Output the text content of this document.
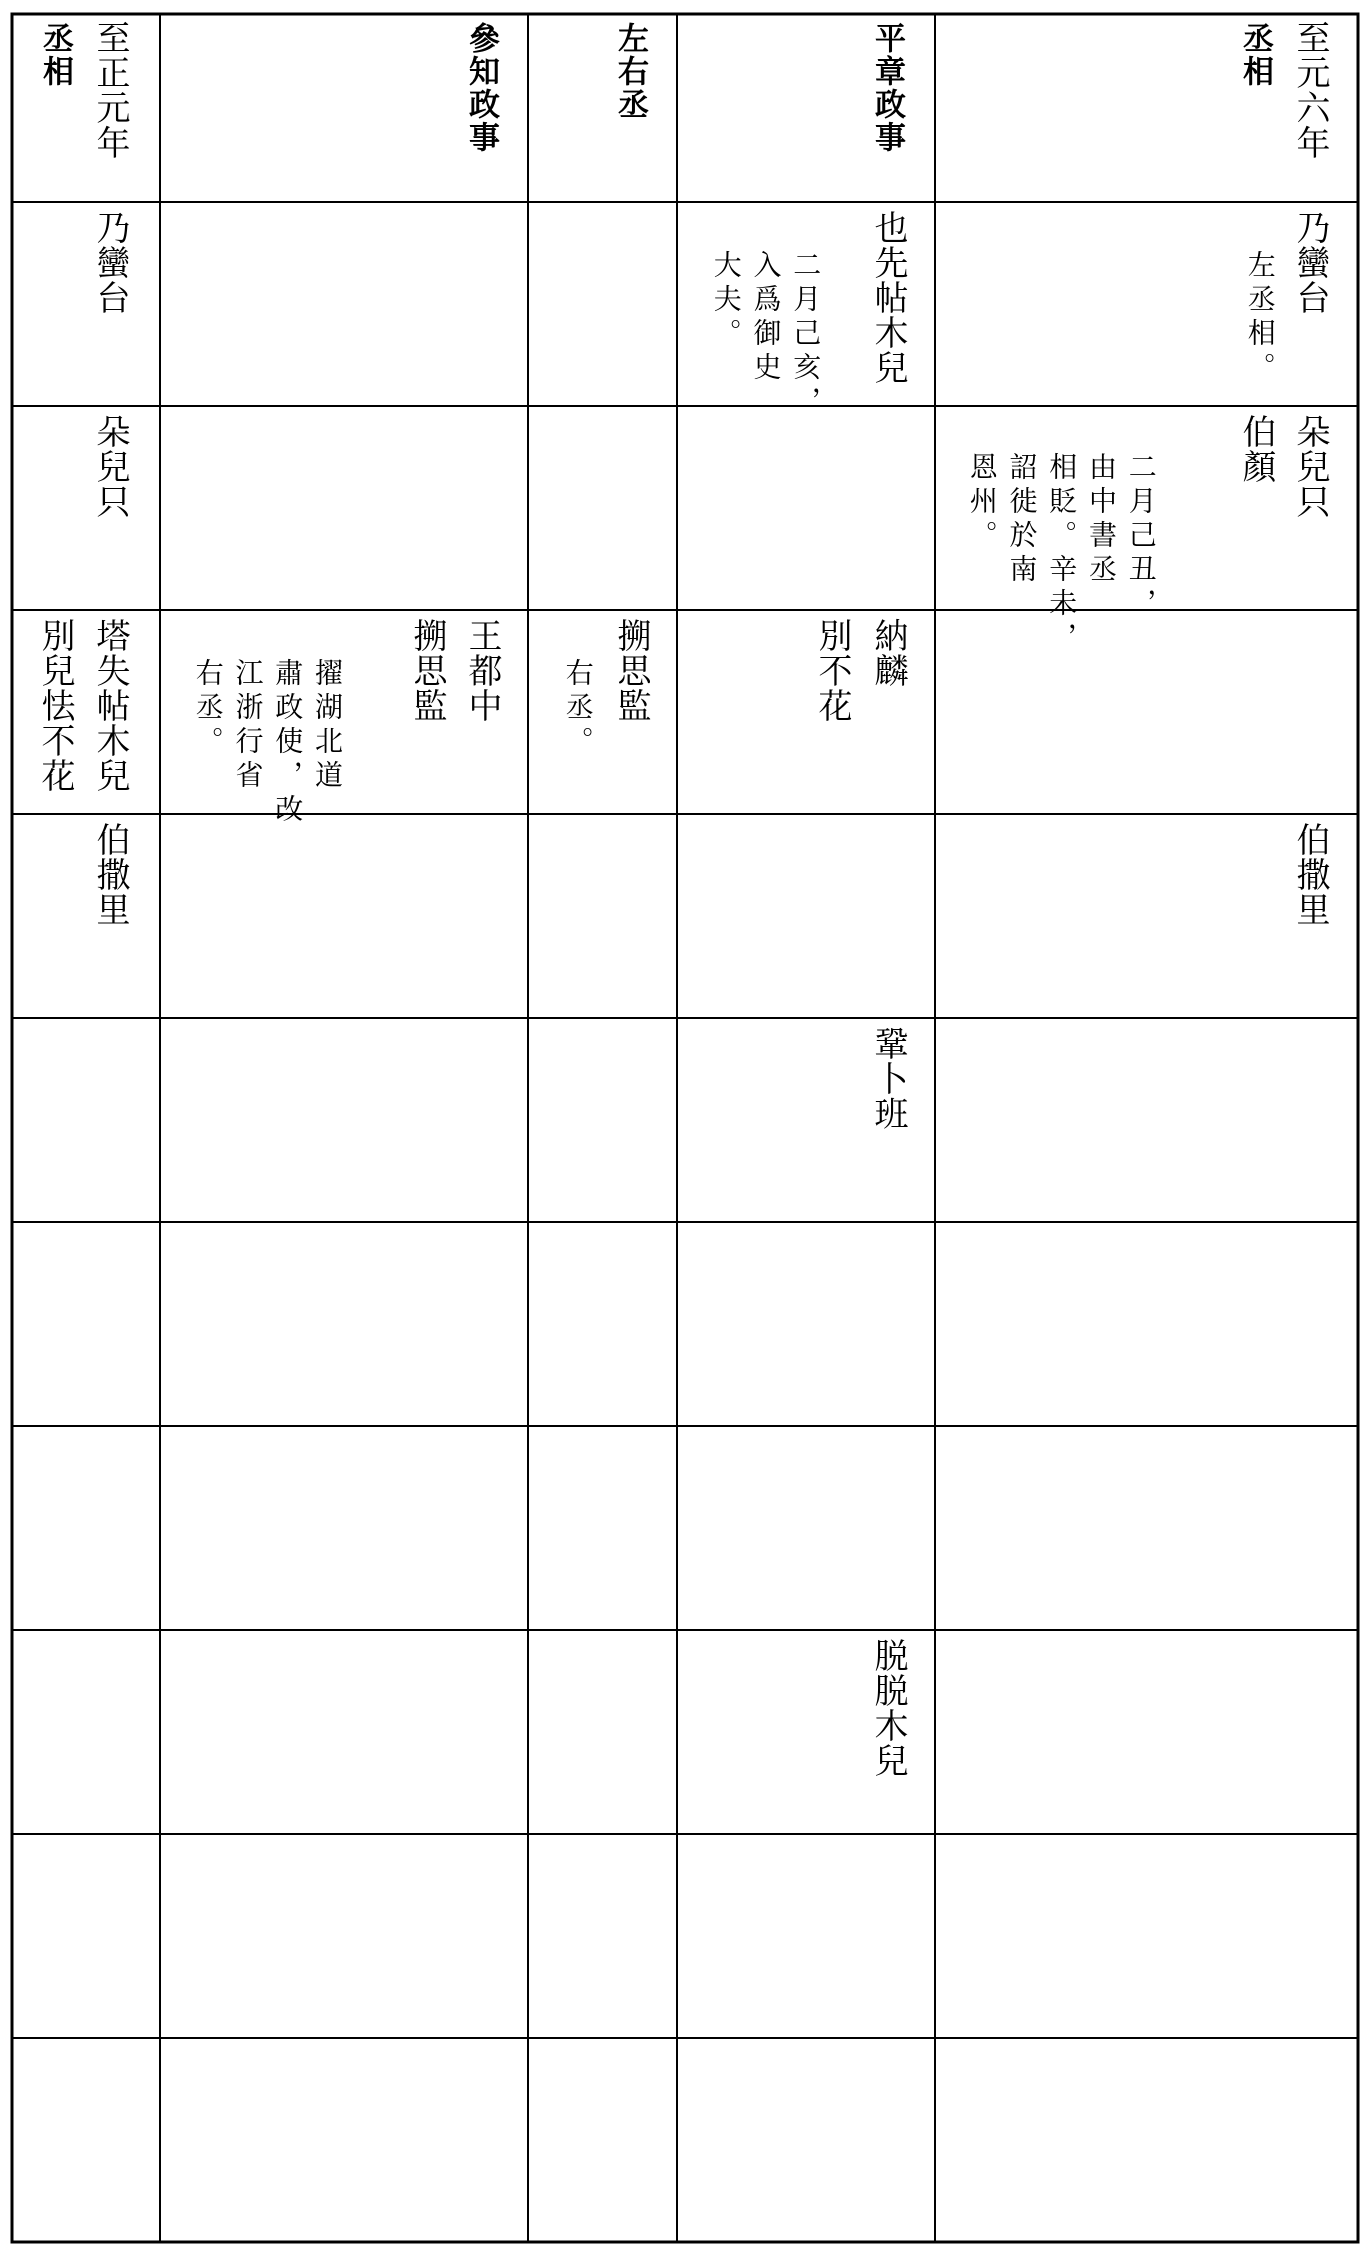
丞相 至元六年
平章政事
左右丞
參知政事
丞相 至正元年
乃蠻台
左丞相。
也先帖木兒
二月己亥，
入爲御史
大夫。
乃蠻台
朵兒只
伯顏
二月己丑，
由中書丞
相貶。辛未，
詔徙於南
恩州。
朵兒只
納麟
別不花
搠思監
右丞。
王都中
搠思監
擢湖北道
肅政使，改
江浙行省
右丞。
塔失帖木兒
別兒怯不花
伯撒里
伯撒里
鞏卜班
脱脱木兒
